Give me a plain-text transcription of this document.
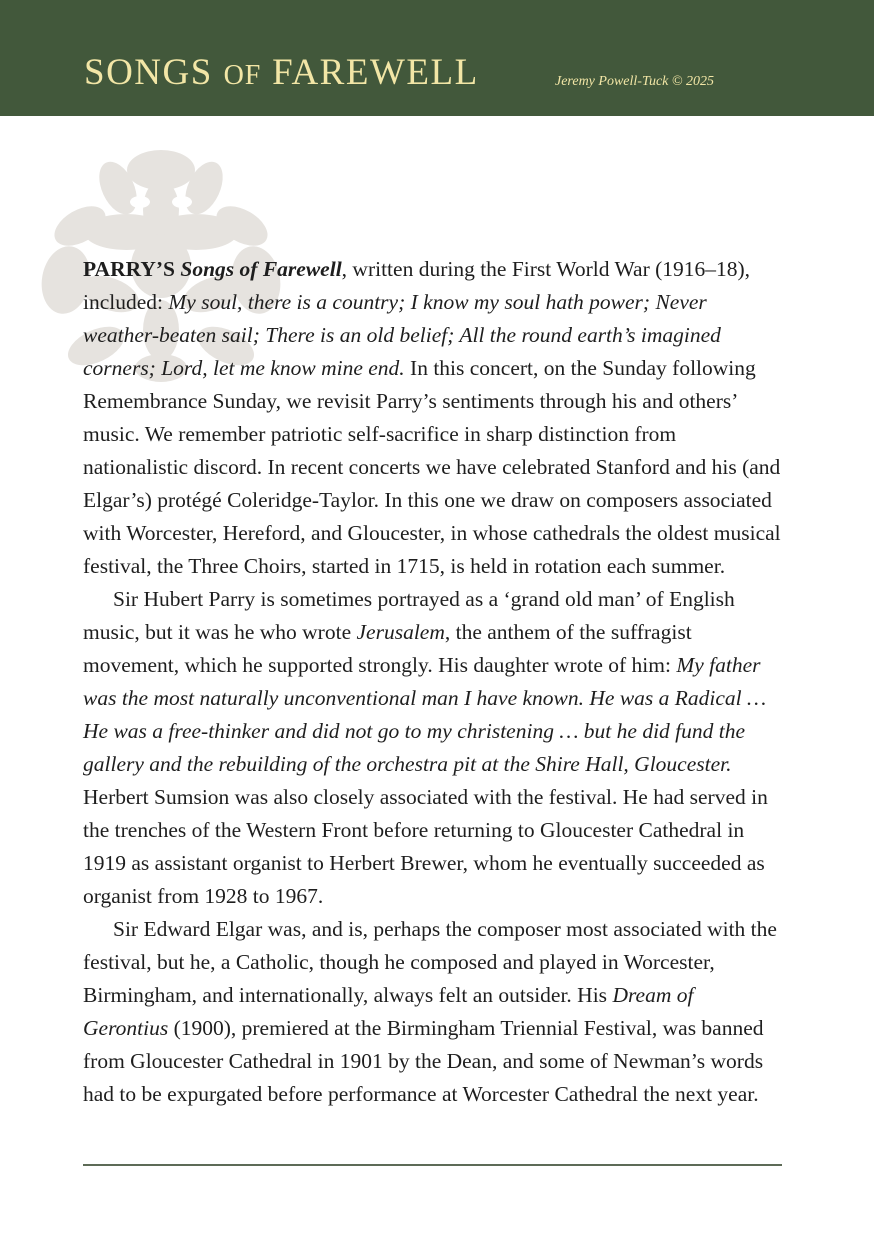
SONGS OF FAREWELL	Jeremy Powell-Tuck © 2025

PARRY’S Songs of Farewell, written during the First World War (1916–18), included: My soul, there is a country; I know my soul hath power; Never weather-beaten sail; There is an old belief; All the round earth’s imagined corners; Lord, let me know mine end. In this concert, on the Sunday following Remembrance Sunday, we revisit Parry’s sentiments through his and others’ music. We remember patriotic self-sacrifice in sharp distinction from nationalistic discord. In recent concerts we have celebrated Stanford and his (and Elgar’s) protégé Coleridge-Taylor. In this one we draw on composers associated with Worcester, Hereford, and Gloucester, in whose cathedrals the oldest musical festival, the Three Choirs, started in 1715, is held in rotation each summer.

Sir Hubert Parry is sometimes portrayed as a ‘grand old man’ of English music, but it was he who wrote Jerusalem, the anthem of the suffragist movement, which he supported strongly. His daughter wrote of him: My father was the most naturally unconventional man I have known. He was a Radical … He was a free-thinker and did not go to my christening … but he did fund the gallery and the rebuilding of the orchestra pit at the Shire Hall, Gloucester. Herbert Sumsion was also closely associated with the festival. He had served in the trenches of the Western Front before returning to Gloucester Cathedral in 1919 as assistant organist to Herbert Brewer, whom he eventually succeeded as organist from 1928 to 1967.

Sir Edward Elgar was, and is, perhaps the composer most associated with the festival, but he, a Catholic, though he composed and played in Worcester, Birmingham, and internationally, always felt an outsider. His Dream of Gerontius (1900), premiered at the Birmingham Triennial Festival, was banned from Gloucester Cathedral in 1901 by the Dean, and some of Newman’s words had to be expurgated before performance at Worcester Cathedral the next year.
